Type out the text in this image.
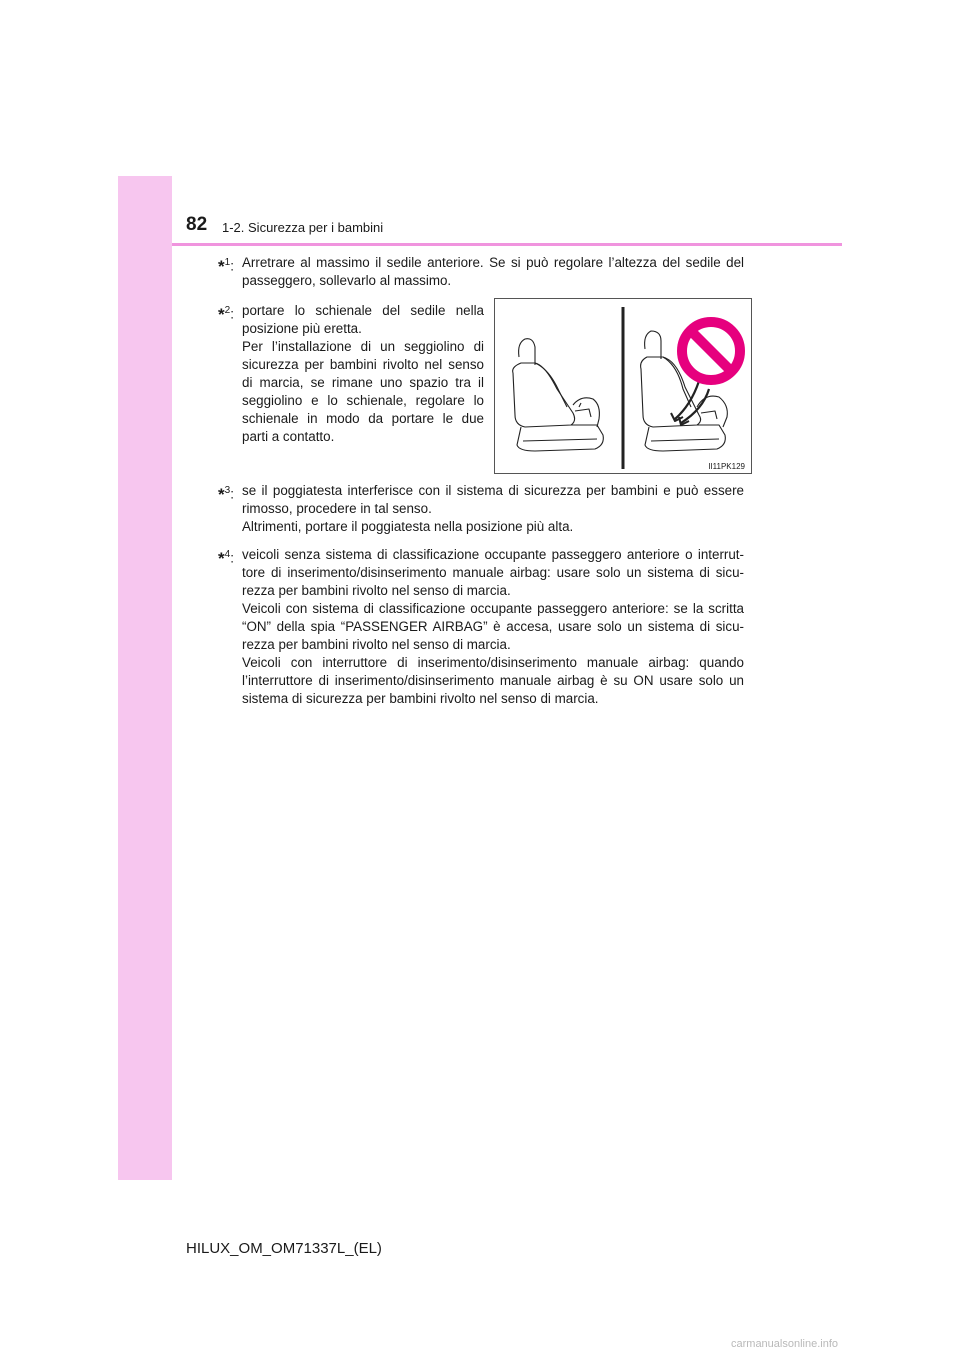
82 1-2. Sicurezza per i bambini
*$^1$: Arretrare al massimo il sedile anteriore. Se si può regolare l’altezza del sedile del passeggero, sollevarlo al massimo.

*$^2$: portare lo schienale del sedile nella posizione più eretta.

Per l’installazione di un seggiolino di sicurezza per bambini rivolto nel senso di marcia, se rimane uno spazio tra il seggiolino e lo schienale, regolare lo schienale in modo da portare le due parti a contatto.

II11PK129
*$^3$: se il poggiatesta interferisce con il sistema di sicurezza per bambini e può essere rimosso, procedere in tal senso.

Altrimenti, portare il poggiatesta nella posizione più alta.

*$^4$: veicoli senza sistema di classificazione occupante passeggero anteriore o interrut-tore di inserimento/disinserimento manuale airbag: usare solo un sistema di sicu-rezza per bambini rivolto nel senso di marcia.

Veicoli con sistema di classificazione occupante passeggero anteriore: se la scritta “ON” della spia “PASSENGER AIRBAG” è accesa, usare solo un sistema di sicu-rezza per bambini rivolto nel senso di marcia.

Veicoli con interruttore di inserimento/disinserimento manuale airbag: quando l’interruttore di inserimento/disinserimento manuale airbag è su ON usare solo un sistema di sicurezza per bambini rivolto nel senso di marcia.

HILUX_OM_OM71337L_(EL)
carmanualsonline.info
